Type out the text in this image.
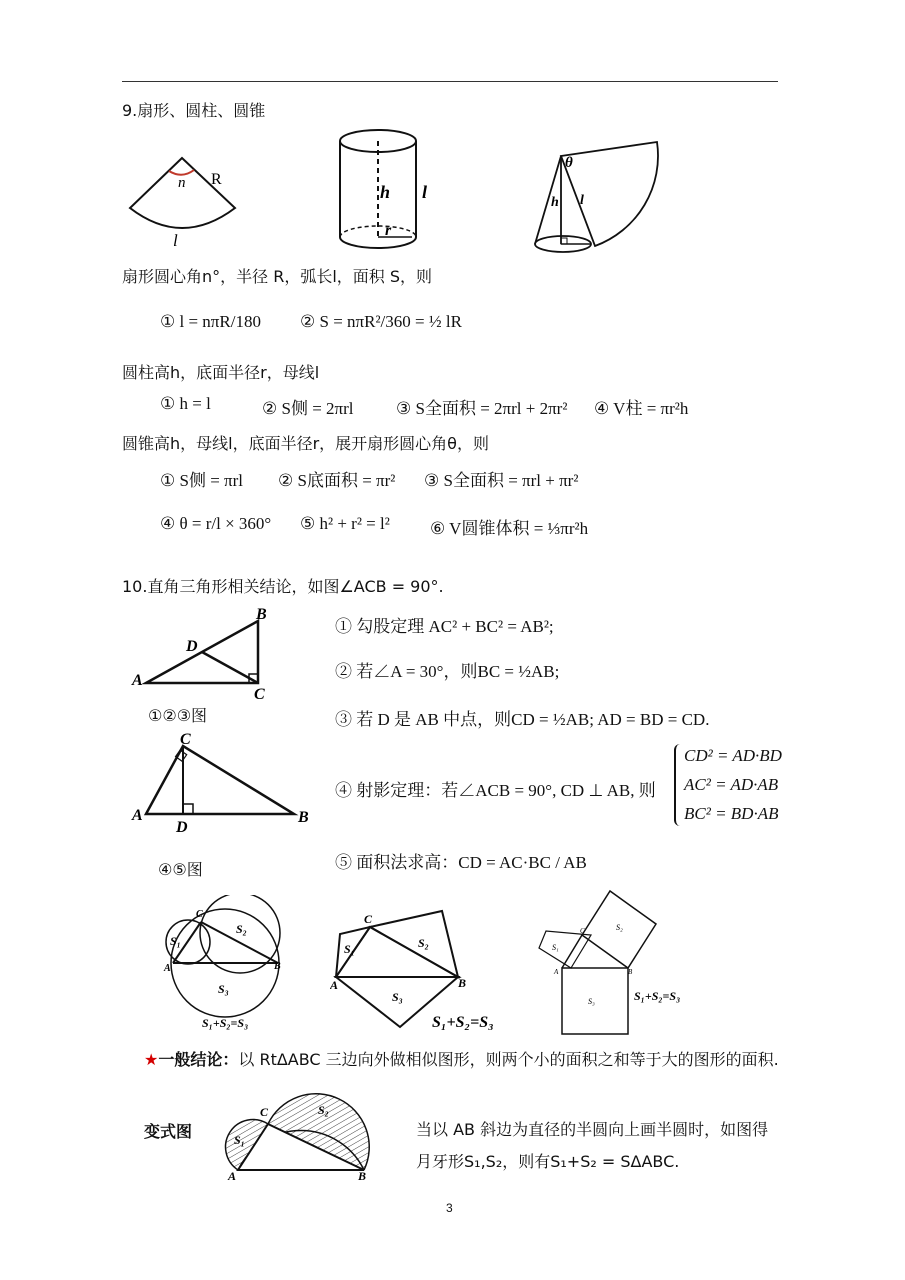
9.扇形、圆柱、圆锥
n R
l
h l
r
θ
h l
扇形圆心角n°，半径 R，弧长l，面积 S，则
① l = nπR/180 ② S = nπR²/360 = ½ lR
圆柱高h，底面半径r，母线l
① h = l	② S侧 = 2πrl	③ S全面积 = 2πrl + 2πr² ④ V柱 = πr²h
圆锥高h，母线l，底面半径r，展开扇形圆心角θ，则
① S侧 = πrl ② S底面积 = πr² ③ S全面积 = πrl + πr²
④ θ = r/l × 360° ⑤ h² + r² = l² ⑥ V圆锥体积 = ⅓πr²h
10.直角三角形相关结论，如图∠ACB = 90°.
A
B
C
D
①②③图
A
C
B
D
④⑤图
① 勾股定理 AC² + BC² = AB²;
② 若∠A = 30°，则BC = ½AB;
③ 若 D 是 AB 中点，则CD = ½AB; AD = BD = CD.
④ 射影定理：若∠ACB = 90°, CD ⊥ AB, 则
CD² = AD·BD
AC² = AD·AB
BC² = BD·AB
⑤ 面积法求高：CD = AC·BC / AB
A
C
B
S₁
S₂
S₃
S₁+S₂=S₃
C
A	B
S₁	S₂
S₃
S₁+S₂=S₃
A
C
B
S₁
S₂
S₃	S₁+S₂=S₃
★一般结论：以 RtΔABC 三边向外做相似图形，则两个小的面积之和等于大的图形的面积.
变式图
A
C
B
S₁
S₂
当以 AB 斜边为直径的半圆向上画半圆时，如图得月牙形S₁,S₂，则有S₁+S₂ = SΔABC.
3
